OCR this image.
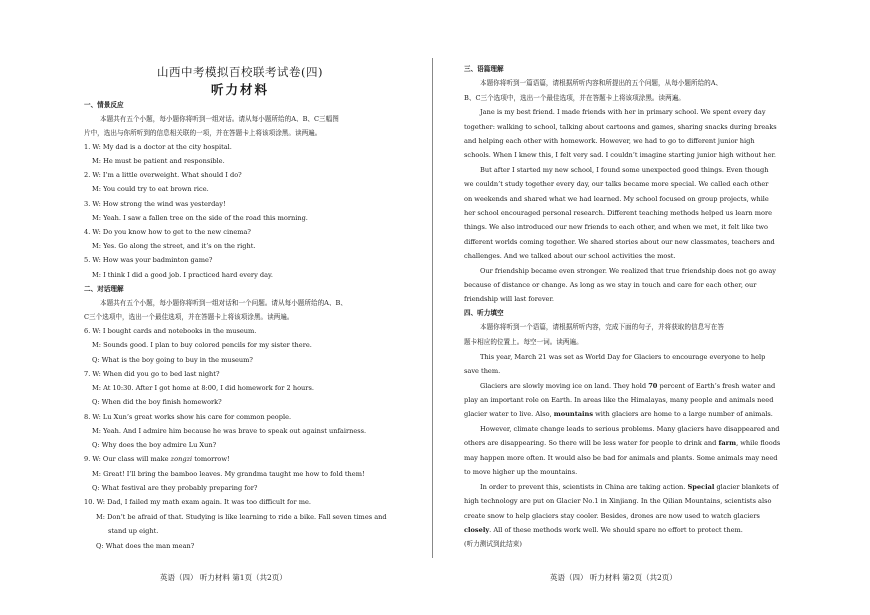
山西中考模拟百校联考试卷(四)
听力材料
一、情景反应
本题共有五个小题，每小题你将听到一组对话。请从每小题所给的A、B、C三幅图
片中，选出与你所听到的信息相关联的一项，并在答题卡上将该项涂黑。读两遍。
1. W: My dad is a doctor at the city hospital.
M: He must be patient and responsible.
2. W: I’m a little overweight. What should I do?
M: You could try to eat brown rice.
3. W: How strong the wind was yesterday!
M: Yeah. I saw a fallen tree on the side of the road this morning.
4. W: Do you know how to get to the new cinema?
M: Yes. Go along the street, and it’s on the right.
5. W: How was your badminton game?
M: I think I did a good job. I practiced hard every day.
二、对话理解
本题共有五个小题，每小题你将听到一组对话和一个问题。请从每小题所给的A、B、
C三个选项中，选出一个最佳选项，并在答题卡上将该项涂黑。读两遍。
6. W: I bought cards and notebooks in the museum.
M: Sounds good. I plan to buy colored pencils for my sister there.
Q: What is the boy going to buy in the museum?
7. W: When did you go to bed last night?
M: At 10:30. After I got home at 8:00, I did homework for 2 hours.
Q: When did the boy finish homework?
8. W: Lu Xun’s great works show his care for common people.
M: Yeah. And I admire him because he was brave to speak out against unfairness.
Q: Why does the boy admire Lu Xun?
9. W: Our class will make zongzi tomorrow!
M: Great! I’ll bring the bamboo leaves. My grandma taught me how to fold them!
Q: What festival are they probably preparing for?
10. W: Dad, I failed my math exam again. It was too difficult for me.
M: Don’t be afraid of that. Studying is like learning to ride a bike. Fall seven times and
stand up eight.
Q: What does the man mean?
英语（四） 听力材料 第1页（共2页）
三、语篇理解
本题你将听到一篇语篇，请根据所听内容和所提出的五个问题，从每小题所给的A、
B、C三个选项中，选出一个最佳选项，并在答题卡上将该项涂黑。读两遍。
Jane is my best friend. I made friends with her in primary school. We spent every day
together: walking to school, talking about cartoons and games, sharing snacks during breaks
and helping each other with homework. However, we had to go to different junior high
schools. When I knew this, I felt very sad. I couldn’t imagine starting junior high without her.
But after I started my new school, I found some unexpected good things. Even though
we couldn’t study together every day, our talks became more special. We called each other
on weekends and shared what we had learned. My school focused on group projects, while
her school encouraged personal research. Different teaching methods helped us learn more
things. We also introduced our new friends to each other, and when we met, it felt like two
different worlds coming together. We shared stories about our new classmates, teachers and
challenges. And we talked about our school activities the most.
Our friendship became even stronger. We realized that true friendship does not go away
because of distance or change. As long as we stay in touch and care for each other, our
friendship will last forever.
四、听力填空
本题你将听到一个语篇，请根据所听内容，完成下面的句子，并将获取的信息写在答
题卡相应的位置上。每空一词。读两遍。
This year, March 21 was set as World Day for Glaciers to encourage everyone to help
save them.
Glaciers are slowly moving ice on land. They hold 70 percent of Earth’s fresh water and
play an important role on Earth. In areas like the Himalayas, many people and animals need
glacier water to live. Also, mountains with glaciers are home to a large number of animals.
However, climate change leads to serious problems. Many glaciers have disappeared and
others are disappearing. So there will be less water for people to drink and farm, while floods
may happen more often. It would also be bad for animals and plants. Some animals may need
to move higher up the mountains.
In order to prevent this, scientists in China are taking action. Special glacier blankets of
high technology are put on Glacier No.1 in Xinjiang. In the Qilian Mountains, scientists also
create snow to help glaciers stay cooler. Besides, drones are now used to watch glaciers
closely. All of these methods work well. We should spare no effort to protect them.
(听力测试到此结束)
英语（四） 听力材料 第2页（共2页）
